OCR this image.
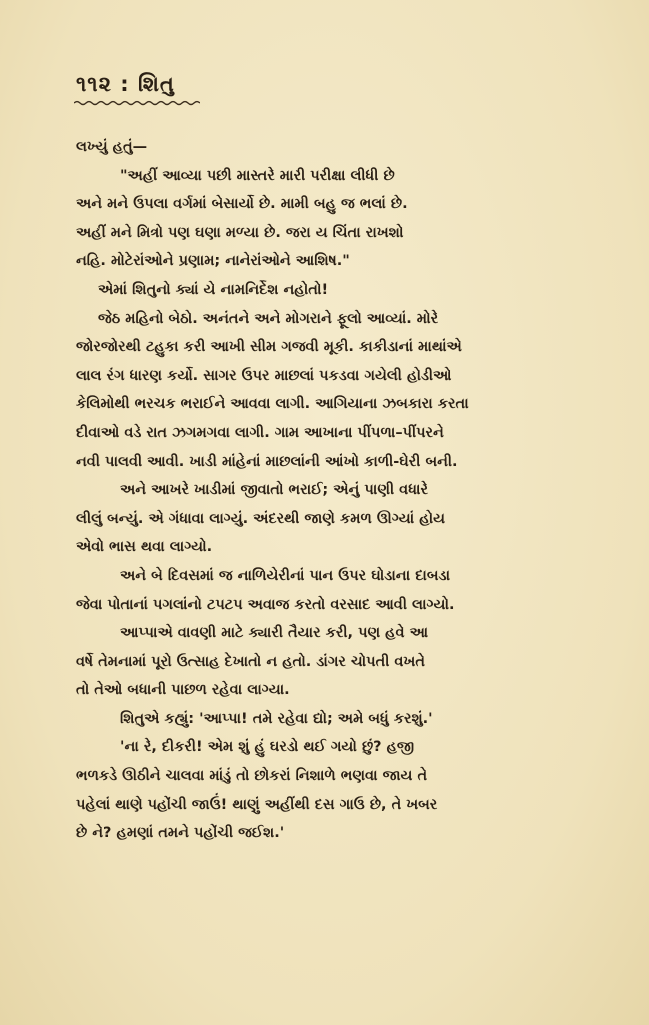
૧૧૨ : શિતુ
લખ્યું હતું—
"અહીં આવ્યા પછી માસ્તરે મારી પરીક્ષા લીધી છે
અને મને ઉપલા વર્ગમાં બેસાર્યો છે. મામી બહુ જ ભલાં છે.
અહીં મને મિત્રો પણ ઘણા મળ્યા છે. જરા ય ચિંતા રાખશો
નહિ. મોટેરાંઓને પ્રણામ; નાનેરાંઓને આશિષ."
એમાં શિતુનો ક્યાં યે નામનિર્દેશ નહોતો!
જેઠ મહિનો બેઠો. અનંતને અને મોગરાને ફૂલો આવ્યાં. મોરે
જોરજોરથી ટહુકા કરી આખી સીમ ગજવી મૂકી. કાકીડાનાં માથાંએ
લાલ રંગ ધારણ કર્યો. સાગર ઉપર માછલાં પકડવા ગયેલી હોડીઓ
કેલિમોથી ભરચક ભરાઈને આવવા લાગી. આગિયાના ઝબકારા કરતા
દીવાઓ વડે રાત ઝગમગવા લાગી. ગામ આખાના પીંપળા–પીંપરને
નવી પાલવી આવી. ખાડી માંહેનાં માછલાંની આંખો કાળી-ઘેરી બની.
અને આખરે ખાડીમાં જીવાતો ભરાઈ; એનું પાણી વધારે
લીલું બન્યું. એ ગંધાવા લાગ્યું. અંદરથી જાણે કમળ ઊગ્યાં હોય
એવો ભાસ થવા લાગ્યો.
અને બે દિવસમાં જ નાળિયેરીનાં પાન ઉપર ઘોડાના દાબડા
જેવા પોતાનાં પગલાંનો ટપટપ અવાજ કરતો વરસાદ આવી લાગ્યો.
આપ્પાએ વાવણી માટે ક્યારી તૈયાર કરી, પણ હવે આ
વર્ષે તેમનામાં પૂરો ઉત્સાહ દેખાતો ન હતો. ડાંગર ચોપતી વખતે
તો તેઓ બધાની પાછળ રહેવા લાગ્યા.
શિતુએ કહ્યું: 'આપ્પા! તમે રહેવા દ્યો; અમે બધું કરશું.'
'ના રે, દીકરી! એમ શું હું ઘરડો થઈ ગયો છું? હજી
ભળકડે ઊઠીને ચાલવા માંડું તો છોકરાં નિશાળે ભણવા જાય તે
પહેલાં થાણે પહોંચી જાઉં! થાણું અહીંથી દસ ગાઉ છે, તે ખબર
છે ને? હમણાં તમને પહોંચી જઈશ.'
